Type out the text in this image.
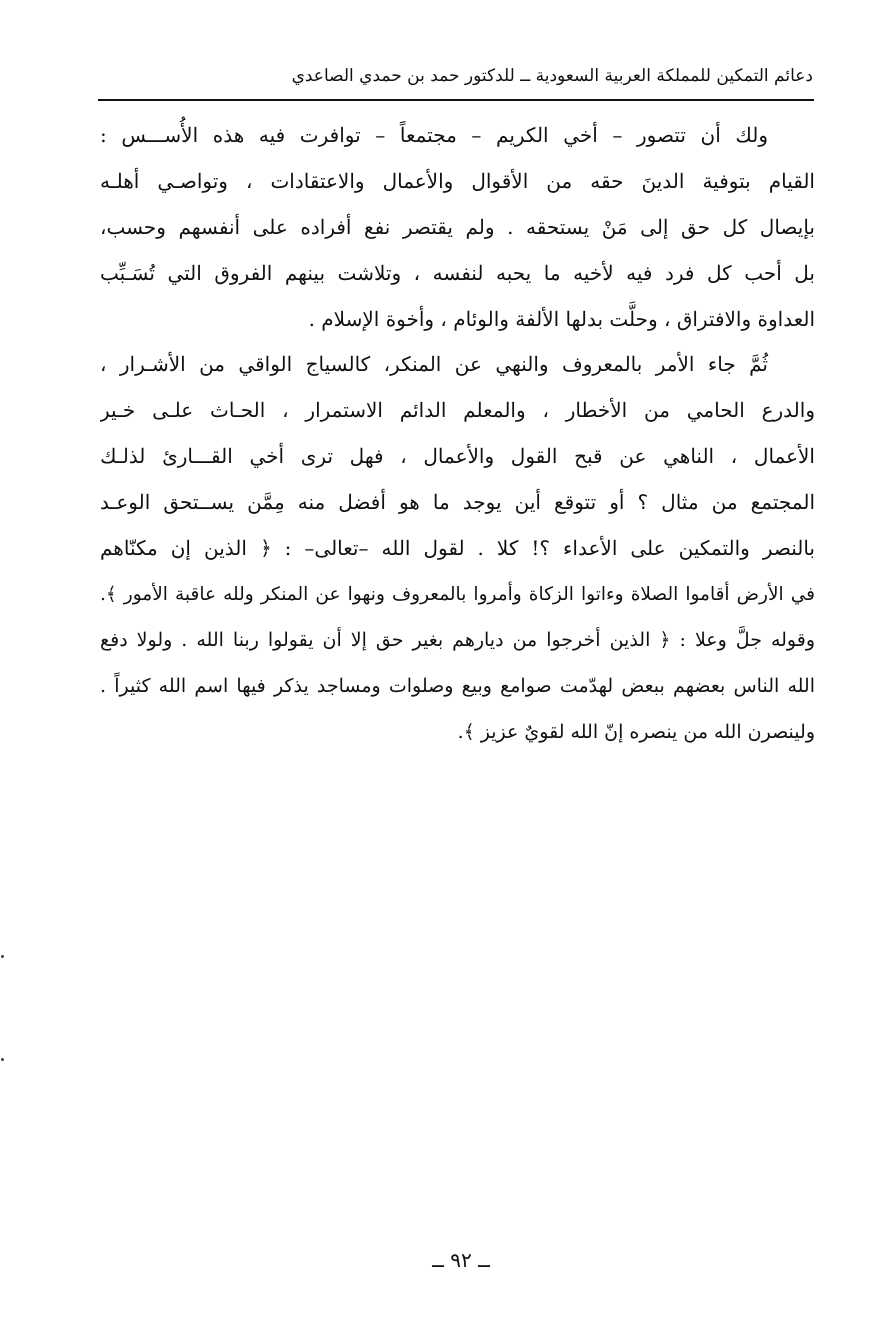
دعائم التمكين للمملكة العربية السعودية ــ للدكتور حمد بن حمدي الصاعدي
ولك أن تتصور – أخي الكريم – مجتمعاً – توافرت فيه هذه الأُســـس :
القيام بتوفية الدينَ حقه من الأقوال والأعمال والاعتقادات ، وتواصـي أهلـه
بإيصال كل حق إلى مَنْ يستحقه . ولم يقتصر نفع أفراده على أنفسهم وحسب،
بل أحب كل فرد فيه لأخيه ما يحبه لنفسه ، وتلاشت بينهم الفروق التي تُسَـبِّب
العداوة والافتراق ، وحلَّت بدلها الألفة والوئام ، وأخوة الإسلام .
ثُمَّ جاء الأمر بالمعروف والنهي عن المنكر، كالسياج الواقي من الأشـرار ،
والدرع الحامي من الأخطار ، والمعلم الدائم الاستمرار ، الحـاث علـى خـير
الأعمال ، الناهي عن قبح القول والأعمال ، فهل ترى أخي القـــارئ لذلـك
المجتمع من مثال ؟ أو تتوقع أين يوجد ما هو أفضل منه مِمَّن يســتحق الوعـد
بالنصر والتمكين على الأعداء ؟! كلا . لقول الله –تعالى– : ﴿ الذين إن مكنّاهم
في الأرض أقاموا الصلاة وءاتوا الزكاة وأمروا بالمعروف ونهوا عن المنكر ولله عاقبة الأمور ﴾.
وقوله جلَّ وعلا : ﴿ الذين أخرجوا من ديارهم بغير حق إلا أن يقولوا ربنا الله . ولولا دفع
الله الناس بعضهم ببعض لهدّمت صوامع وبيع وصلوات ومساجد يذكر فيها اسم الله كثيراً .
ولينصرن الله من ينصره إنّ الله لقويٌ عزيز ﴾.
ــ ٩٢ ــ
